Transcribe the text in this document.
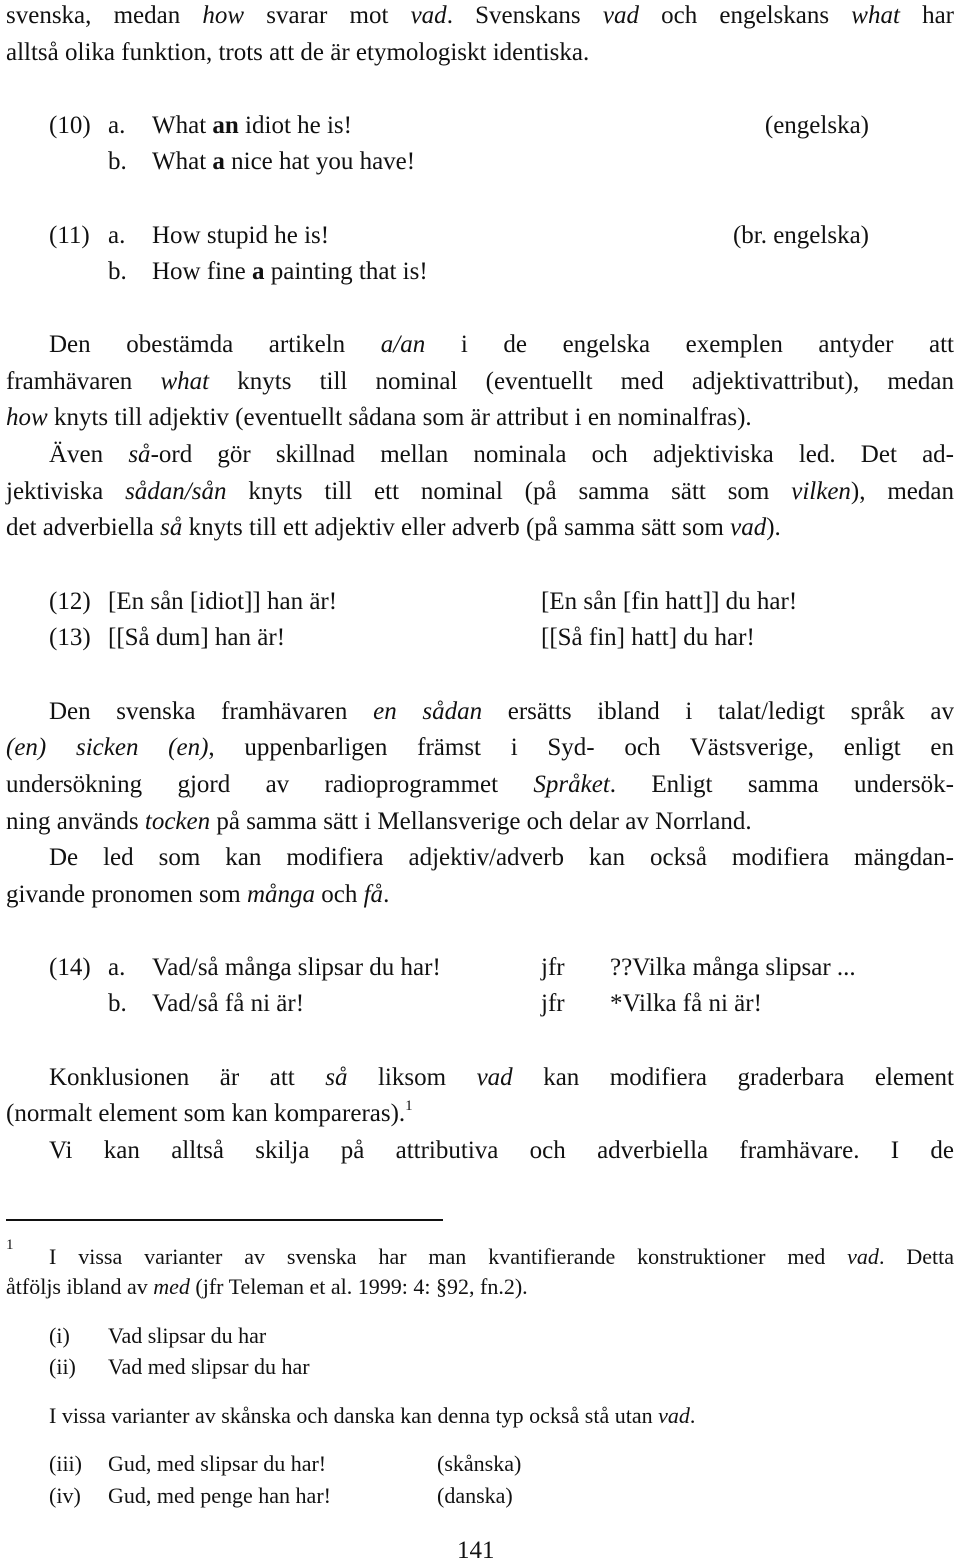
svenska, medan how svarar mot vad. Svenskans vad och engelskans what har
alltså olika funktion, trots att de är etymologiskt identiska.
(10) a. What an idiot he is!	(engelska)
b. What a nice hat you have!
(11) a. How stupid he is!	(br. engelska)
b. How fine a painting that is!
Den obestämda artikeln a/an i de engelska exemplen antyder att
framhävaren what knyts till nominal (eventuellt med adjektivattribut), medan
how knyts till adjektiv (eventuellt sådana som är attribut i en nominalfras).
Även så-ord gör skillnad mellan nominala och adjektiviska led. Det ad-
jektiviska sådan/sån knyts till ett nominal (på samma sätt som vilken), medan
det adverbiella så knyts till ett adjektiv eller adverb (på samma sätt som vad).
(12) [En sån [idiot]] han är!	[En sån [fin hatt]] du har!
(13) [[Så dum] han är!	[[Så fin] hatt] du har!
Den svenska framhävaren en sådan ersätts ibland i talat/ledigt språk av
(en) sicken (en), uppenbarligen främst i Syd- och Västsverige, enligt en
undersökning gjord av radioprogrammet Språket. Enligt samma undersök-
ning används tocken på samma sätt i Mellansverige och delar av Norrland.
De led som kan modifiera adjektiv/adverb kan också modifiera mängdan-
givande pronomen som många och få.
(14) a. Vad/så många slipsar du har!	jfr ??Vilka många slipsar ...
b. Vad/så få ni är!	jfr *Vilka få ni är!
Konklusionen är att så liksom vad kan modifiera graderbara element
(normalt element som kan kompareras).$^1$
Vi kan alltså skilja på attributiva och adverbiella framhävare. I de
1 I vissa varianter av svenska har man kvantifierande konstruktioner med vad. Detta
åtföljs ibland av med (jfr Teleman et al. 1999: 4: §92, fn.2).
(i) Vad slipsar du har
(ii) Vad med slipsar du har
I vissa varianter av skånska och danska kan denna typ också stå utan vad.
(iii) Gud, med slipsar du har!	(skånska)
(iv) Gud, med penge han har!	(danska)
141
